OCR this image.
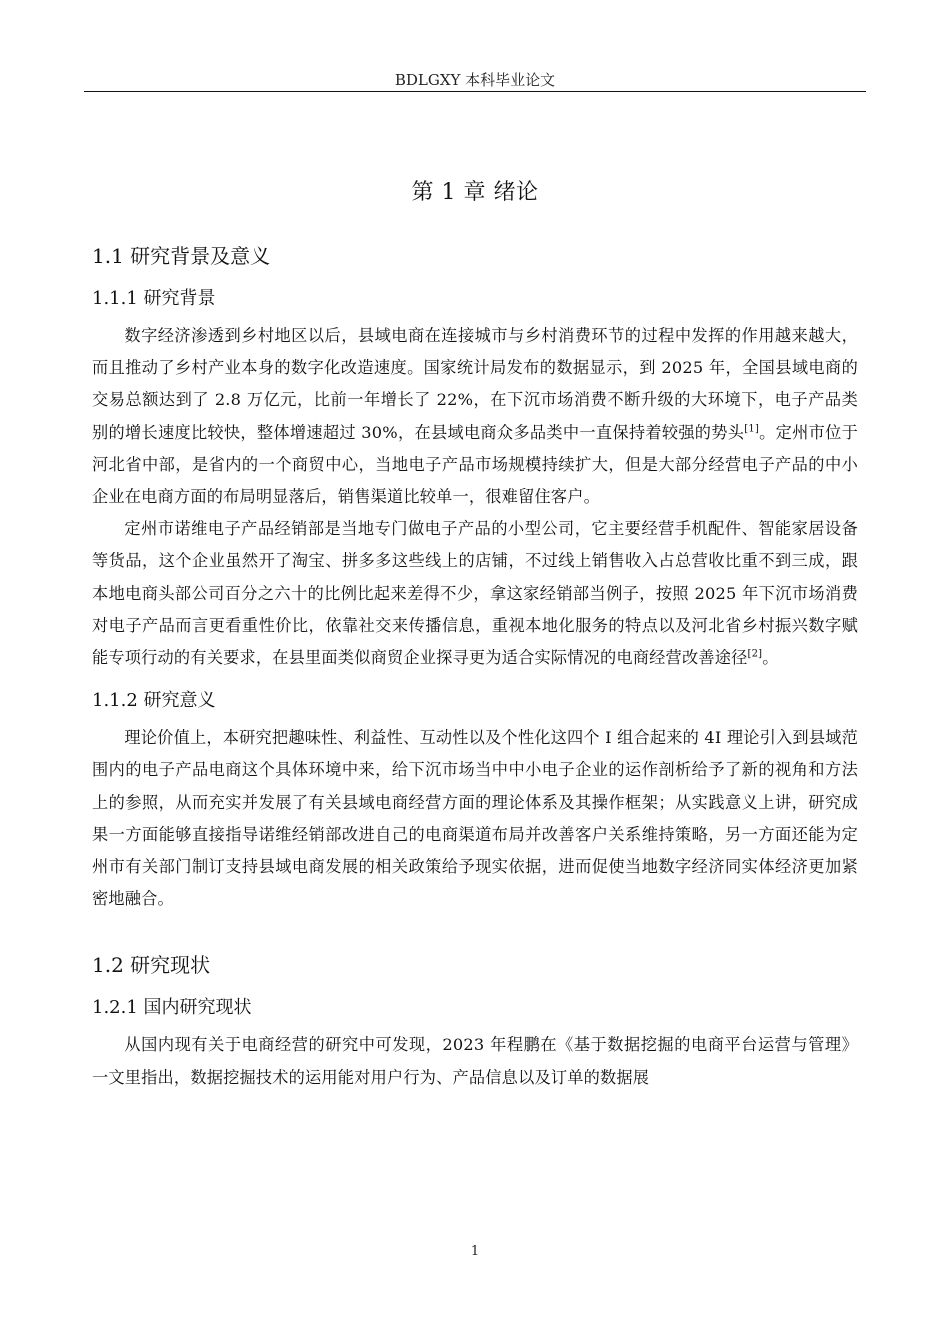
BDLGXY 本科毕业论文
第 1 章 绪论
1.1 研究背景及意义
1.1.1 研究背景

数字经济渗透到乡村地区以后，县域电商在连接城市与乡村消费环节的过程中发挥的作用越来越大，而且推动了乡村产业本身的数字化改造速度。国家统计局发布的数据显示，到 2025 年，全国县域电商的交易总额达到了 2.8 万亿元，比前一年增长了 22%，在下沉市场消费不断升级的大环境下，电子产品类别的增长速度比较快，整体增速超过 30%，在县域电商众多品类中一直保持着较强的势头[1]。定州市位于河北省中部，是省内的一个商贸中心，当地电子产品市场规模持续扩大，但是大部分经营电子产品的中小企业在电商方面的布局明显落后，销售渠道比较单一，很难留住客户。

定州市诺维电子产品经销部是当地专门做电子产品的小型公司，它主要经营手机配件、智能家居设备等货品，这个企业虽然开了淘宝、拼多多这些线上的店铺，不过线上销售收入占总营收比重不到三成，跟本地电商头部公司百分之六十的比例比起来差得不少，拿这家经销部当例子，按照 2025 年下沉市场消费对电子产品而言更看重性价比，依靠社交来传播信息，重视本地化服务的特点以及河北省乡村振兴数字赋能专项行动的有关要求，在县里面类似商贸企业探寻更为适合实际情况的电商经营改善途径[2]。

1.1.2 研究意义

理论价值上，本研究把趣味性、利益性、互动性以及个性化这四个 I 组合起来的 4I 理论引入到县域范围内的电子产品电商这个具体环境中来，给下沉市场当中中小电子企业的运作剖析给予了新的视角和方法上的参照，从而充实并发展了有关县域电商经营方面的理论体系及其操作框架；从实践意义上讲，研究成果一方面能够直接指导诺维经销部改进自己的电商渠道布局并改善客户关系维持策略，另一方面还能为定州市有关部门制订支持县域电商发展的相关政策给予现实依据，进而促使当地数字经济同实体经济更加紧密地融合。

1.2 研究现状
1.2.1 国内研究现状

从国内现有关于电商经营的研究中可发现，2023 年程鹏在《基于数据挖掘的电商平台运营与管理》一文里指出，数据挖掘技术的运用能对用户行为、产品信息以及订单的数据展

1
